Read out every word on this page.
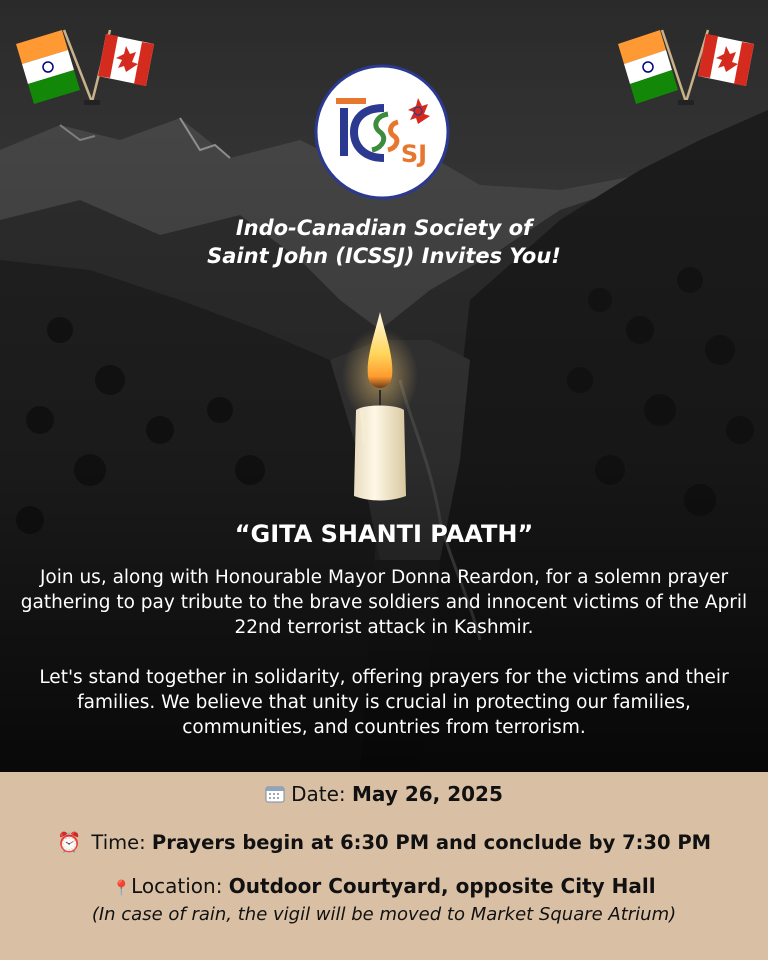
SJ
Indo-Canadian Society of
Saint John (ICSSJ) Invites You!
“GITA SHANTI PAATH”
Join us, along with Honourable Mayor Donna Reardon, for a solemn prayer gathering to pay tribute to the brave soldiers and innocent victims of the April 22nd terrorist attack in Kashmir.
Let's stand together in solidarity, offering prayers for the victims and their families. We believe that unity is crucial in protecting our families, communities, and countries from terrorism.
Date: May 26, 2025
⏰ Time: Prayers begin at 6:30 PM and conclude by 7:30 PM
📍Location: Outdoor Courtyard, opposite City Hall
(In case of rain, the vigil will be moved to Market Square Atrium)
